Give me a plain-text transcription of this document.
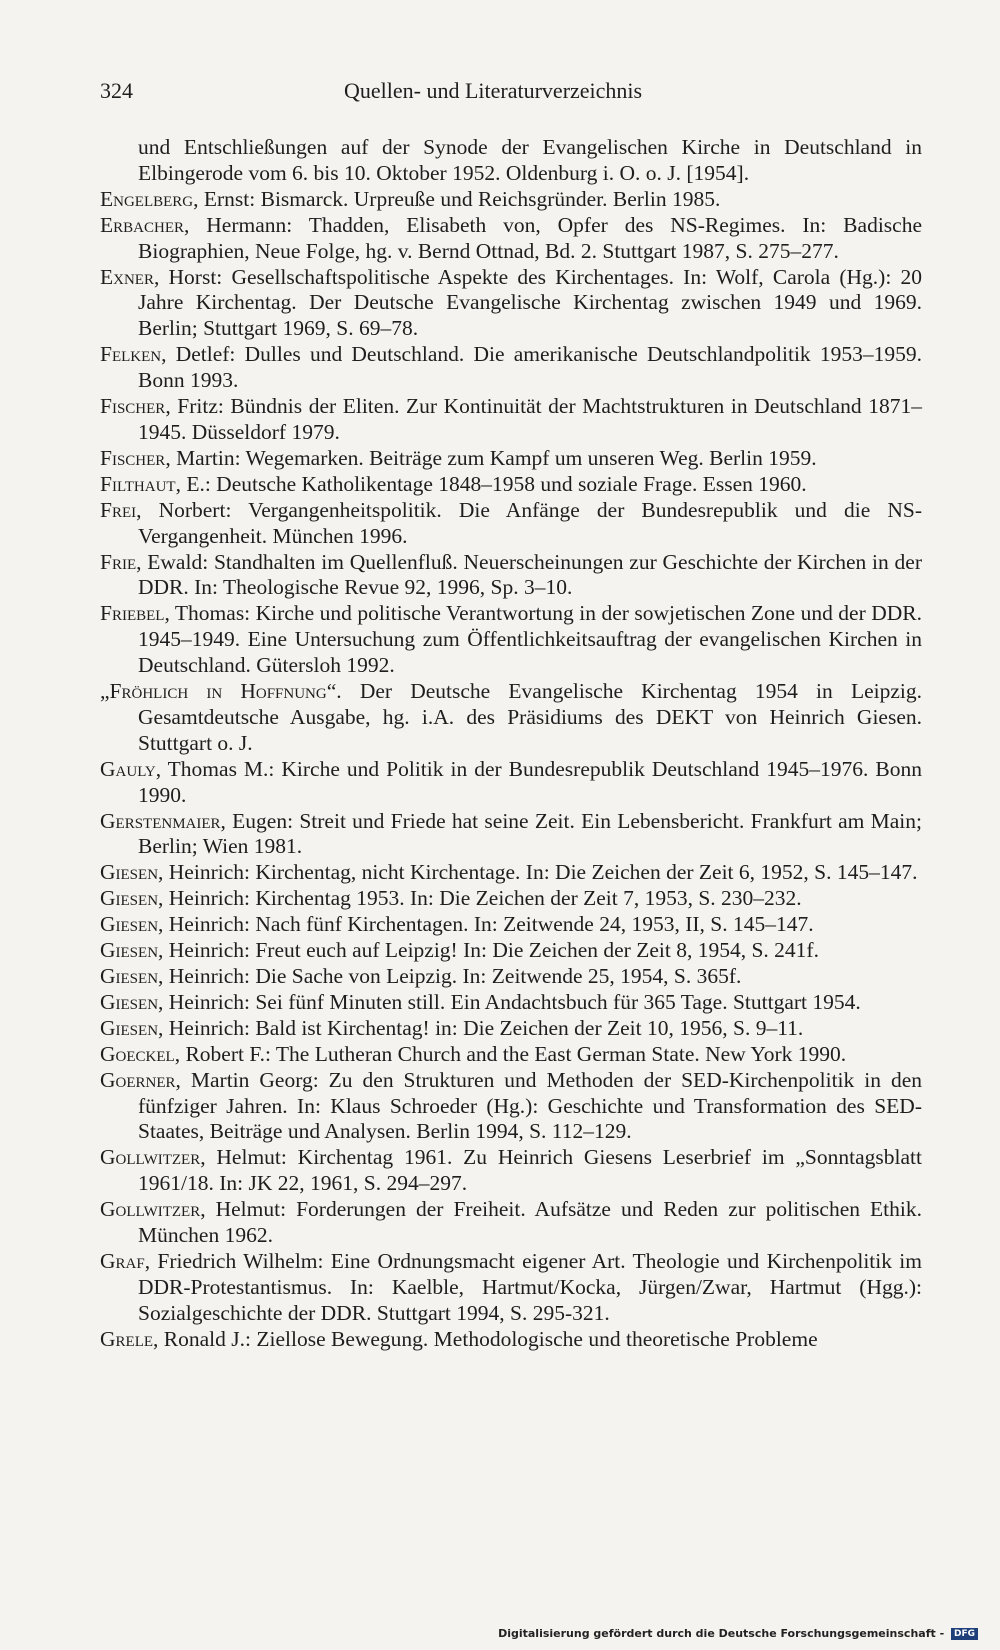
324	Quellen- und Literaturverzeichnis
und Entschließungen auf der Synode der Evangelischen Kirche in Deutschland in Elbingerode vom 6. bis 10. Oktober 1952. Oldenburg i. O. o. J. [1954].
Engelberg, Ernst: Bismarck. Urpreuße und Reichsgründer. Berlin 1985.
Erbacher, Hermann: Thadden, Elisabeth von, Opfer des NS-Regimes. In: Badische Biographien, Neue Folge, hg. v. Bernd Ottnad, Bd. 2. Stuttgart 1987, S. 275–277.
Exner, Horst: Gesellschaftspolitische Aspekte des Kirchentages. In: Wolf, Carola (Hg.): 20 Jahre Kirchentag. Der Deutsche Evangelische Kirchentag zwischen 1949 und 1969. Berlin; Stuttgart 1969, S. 69–78.
Felken, Detlef: Dulles und Deutschland. Die amerikanische Deutschlandpolitik 1953–1959. Bonn 1993.
Fischer, Fritz: Bündnis der Eliten. Zur Kontinuität der Machtstrukturen in Deutschland 1871–1945. Düsseldorf 1979.
Fischer, Martin: Wegemarken. Beiträge zum Kampf um unseren Weg. Berlin 1959.
Filthaut, E.: Deutsche Katholikentage 1848–1958 und soziale Frage. Essen 1960.
Frei, Norbert: Vergangenheitspolitik. Die Anfänge der Bundesrepublik und die NS-Vergangenheit. München 1996.
Frie, Ewald: Standhalten im Quellenfluß. Neuerscheinungen zur Geschichte der Kirchen in der DDR. In: Theologische Revue 92, 1996, Sp. 3–10.
Friebel, Thomas: Kirche und politische Verantwortung in der sowjetischen Zone und der DDR. 1945–1949. Eine Untersuchung zum Öffentlichkeitsauftrag der evangelischen Kirchen in Deutschland. Gütersloh 1992.
„Fröhlich in Hoffnung“. Der Deutsche Evangelische Kirchentag 1954 in Leipzig. Gesamtdeutsche Ausgabe, hg. i.A. des Präsidiums des DEKT von Heinrich Giesen. Stuttgart o. J.
Gauly, Thomas M.: Kirche und Politik in der Bundesrepublik Deutschland 1945–1976. Bonn 1990.
Gerstenmaier, Eugen: Streit und Friede hat seine Zeit. Ein Lebensbericht. Frankfurt am Main; Berlin; Wien 1981.
Giesen, Heinrich: Kirchentag, nicht Kirchentage. In: Die Zeichen der Zeit 6, 1952, S. 145–147.
Giesen, Heinrich: Kirchentag 1953. In: Die Zeichen der Zeit 7, 1953, S. 230–232.
Giesen, Heinrich: Nach fünf Kirchentagen. In: Zeitwende 24, 1953, II, S. 145–147.
Giesen, Heinrich: Freut euch auf Leipzig! In: Die Zeichen der Zeit 8, 1954, S. 241f.
Giesen, Heinrich: Die Sache von Leipzig. In: Zeitwende 25, 1954, S. 365f.
Giesen, Heinrich: Sei fünf Minuten still. Ein Andachtsbuch für 365 Tage. Stuttgart 1954.
Giesen, Heinrich: Bald ist Kirchentag! in: Die Zeichen der Zeit 10, 1956, S. 9–11.
Goeckel, Robert F.: The Lutheran Church and the East German State. New York 1990.
Goerner, Martin Georg: Zu den Strukturen und Methoden der SED-Kirchenpolitik in den fünfziger Jahren. In: Klaus Schroeder (Hg.): Geschichte und Transformation des SED-Staates, Beiträge und Analysen. Berlin 1994, S. 112–129.
Gollwitzer, Helmut: Kirchentag 1961. Zu Heinrich Giesens Leserbrief im „Sonntagsblatt 1961/18. In: JK 22, 1961, S. 294–297.
Gollwitzer, Helmut: Forderungen der Freiheit. Aufsätze und Reden zur politischen Ethik. München 1962.
Graf, Friedrich Wilhelm: Eine Ordnungsmacht eigener Art. Theologie und Kirchenpolitik im DDR-Protestantismus. In: Kaelble, Hartmut/Kocka, Jürgen/Zwar, Hartmut (Hgg.): Sozialgeschichte der DDR. Stuttgart 1994, S. 295-321.
Grele, Ronald J.: Ziellose Bewegung. Methodologische und theoretische Probleme
Digitalisierung gefördert durch die Deutsche Forschungsgemeinschaft - DFG
